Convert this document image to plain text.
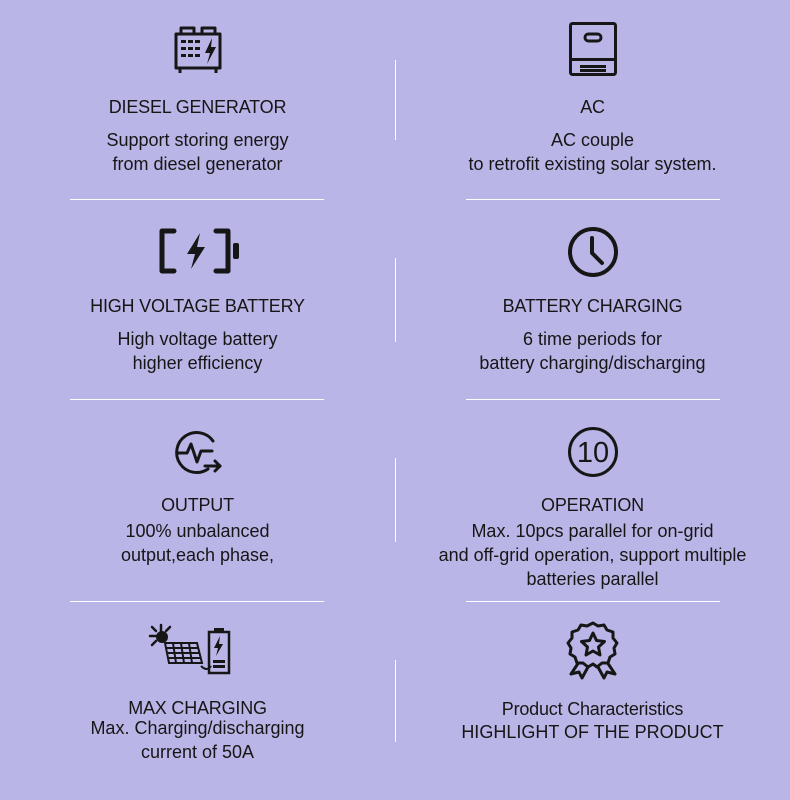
DIESEL GENERATOR
Support storing energy
from diesel generator
AC
AC couple
to retrofit existing solar system.
HIGH VOLTAGE BATTERY
High voltage battery
higher efficiency
BATTERY CHARGING
6 time periods for
battery charging/discharging
OUTPUT
100% unbalanced
output,each phase,
10
OPERATION
Max. 10pcs parallel for on-grid
and off-grid operation, support multiple
batteries parallel
MAX CHARGING
Max. Charging/discharging
current of 50A
Product Characteristics
HIGHLIGHT OF THE PRODUCT
